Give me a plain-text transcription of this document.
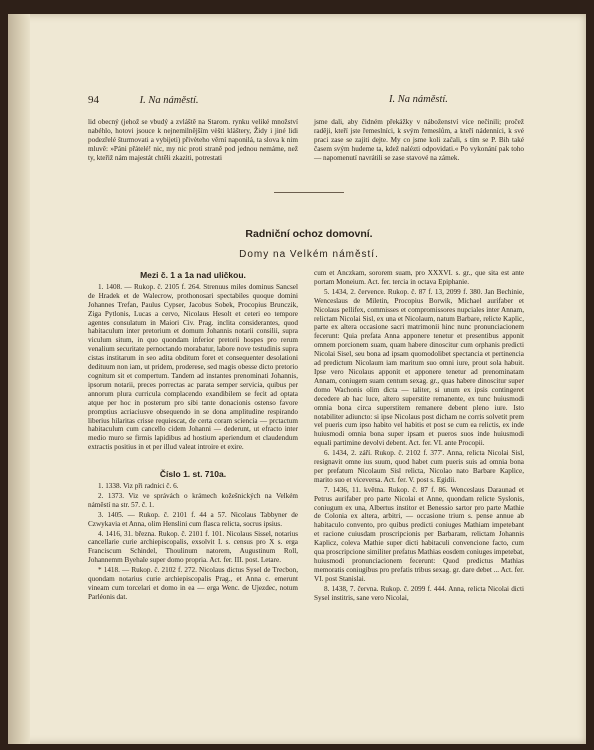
94	I. Na náměstí.	I. Na náměstí.

lid obecný (jehož se vbudý a zvláště na Starom. rynku veliké množství nabéhlo, hotovi jsouce k nejnemilnějším vèšti klàštery, Židy i jiné lidi podezřelé šturmovati a vybijeti) přivèteho věrní naponilá, ta slova k nim mluvě: »Páni přátelé! nic, my nic proti straně pod jednou nemáme, než ty, kteřiž nám majestát chtěli zkaziti, potrestati

jsme dali, aby čidném překážky v náboženství více nečinili; pročež raději, kteří jste řemeslníci, k svým řemeslům, a kteří nádenníci, k své praci zase se zajiti dejte. My co jsme koli začali, s tím se P. Bih také časem svým hudeme ta, kdež nalézti odpovidati.« Po vykonání pak toho — napomenutí navrátili se zase stavové na zámek.

Radniční ochoz domovní.
Domy na Velkém náměstí.
Mezi č. 1 a 1a nad uličkou.

1. 1408. — Rukop. č. 2105 f. 264. Strenuus miles dominus Sancsel de Hradek et de Walecrow, prothonosari spectabiles quoque domini Johannes Trefan, Paulus Cypser, Jacobus Sobek, Procopius Brunczik, Ziga Pytlonis, Lucas a cervo, Nicolaus Hesolt et ceteri eo tempore agentes consulatum in Maiori Civ. Prag. inclita considerantes, quod habitaculum inter pretorium et domum Johannis notarii consilii, supra viculum situm, in quo quondam inferior pretorii hospes pro rerum venalium securitate pernoctando morabatur, labore nove testudinis supra cistas institarum in seo adita obditum foret et consequenter desolationi dedituum non iam, ut pridem, proderese, sed magis obesse dicto pretorio cognitum sit et compertum. Tandem ad instantes prenominati Johannis, ipsorum notarii, preces porrectas ac parata semper servicia, quibus per annorum plura curricula complacendo exandibilem se fecit ad optata atque per hoc in posterum pro sibi tante donacionis ostenso favore promptius acriaciusve obsequendo in se dona amplitudine respirando liberius hilaritas crisse requiescat, de certa coram sciencia — prctactum habitaculum cum cancello cidem Johanni — dederunt, ut efracto inter medio muro se firmis lapidibus ad hostium aperiendum et claudendum extractis positius in et per illud valeat introire et exire.

Číslo 1. st. 710a.

1. 1338. Viz při radnici č. 6.

2. 1373. Viz ve správách o krámech kožešnických na Velkém náměstí na str. 57. č. 1.

3. 1405. — Rukop. č. 2101 f. 44 a 57. Nicolaus Tabbyner de Czwykavia et Anna, olim Henslini cum flasca relicta, socrus ipsius.

4. 1416, 31. března. Rukop. č. 2101 f. 101. Nicolaus Sissel, notarius cancellarie curie archiepiscopalis, exsolvit I. s. census pro X s. erga Franciscum Schindel, Thoulinum natorem, Augustinum Roll, Johannemm Byehale super domo propria. Act. fer. III. post. Letare.

* 1418. — Rukop. č. 2102 f. 272. Nicolaus dictus Sysel de Trecbon, quondam notarius curie archiepiscopalis Prag., et Anna c. emerunt vineam cum torcelari et domo in ea — erga Wenc. de Ujezdec, notum Parléonis dat.

cum et Anczkam, sororem suam, pro XXXVI. s. gr., que sita est ante portam Moneium. Act. fer. tercia in octava Epiphanie.

5. 1434, 2. července. Rukop. č. 87 f. 13, 2099 f. 380. Jan Bechinie, Wenceslaus de Miletin, Procopius Borwik, Michael aurifaber et Nicolaus pellifex, commisses et compromissores nupciales inter Annam, relictam Nicolai Sisl, ex una et Nicolaum, natum Barbare, relicte Kaplic, parte ex altera occasione sacri matrimonii hinc nunc pronunciacionem fecerunt: Quia prefata Anna apponere tenetur et presentibus apponit omnem porcionem suam, quam habere dinoscitur cum orphanis predicti Nicolai Sisel, seu bona ad ipsam quomodolibet spectancia et pertinencia ad predictum Nicolaum iam maritum suo omni iure, prout sola habuit. Ipse vero Nicolaus apponit et apponere tenetur ad prenominatam Annam, coniugem suam centum sexag. gr., quas habere dinoscitur super domo Wachonis olim dicta — taliter, si unum ex ipsis contingeret decedere ab hac luce, altero superstite remanente, ex tunc huiusmodi omnia bona circa superstitem remanere debent pleno iure. Isto notabiliter adiuncto: si ipse Nicolaus post dicham ne corris solvetit prem vel pueris cum ipso habito vel habitis et post se cum ea relictis, ex inde huiusmodi omnia bona super ipsam et pueros suos inde huiusmodi equali partimine devolvi debent. Act. fer. VI. ante Procopii.

6. 1434, 2. září. Rukop. č. 2102 f. 377'. Anna, relicta Nicolai Sisl, resignavit omne ius suum, quod habet cum pueris suis ad omnia bona per prefatum Nicolaum Sisl relicta, Nicolao nato Barbare Kaplice, marito suo et viceversa. Act. fer. V. post s. Egidii.

7. 1436, 11. května. Rukop. č. 87 f. 86. Wenceslaus Daraunad et Petrus aurifaber pro parte Nicolai et Anne, quondam relicte Syslonis, coniugum ex una, Albertus institor et Benessio sartor pro parte Mathie de Colonia ex altera, arbitri, — occasione trium s. pense annue ab habitaculo convento, pro quibus predicti coniuges Mathiam impetebant et racione cuiusdam proscripcionis per Barbaram, relictam Johannis Kaplicz, coleva Mathie super dicti habitaculi convencione facto, cum qua proscripcione similiter prefatus Mathias eosdem coniuges impetebat, huiusmodi pronunciacionem fecerunt: Quod predictus Mathias memoratis coniugibus pro prefatis tribus sexag. gr. dare debet ... Act. fer. VI. post Stanislai.

8. 1438, 7. června. Rukop. č. 2099 f. 444. Anna, relicta Nicolai dicti Sysel institris, sane vero Nicolai,
